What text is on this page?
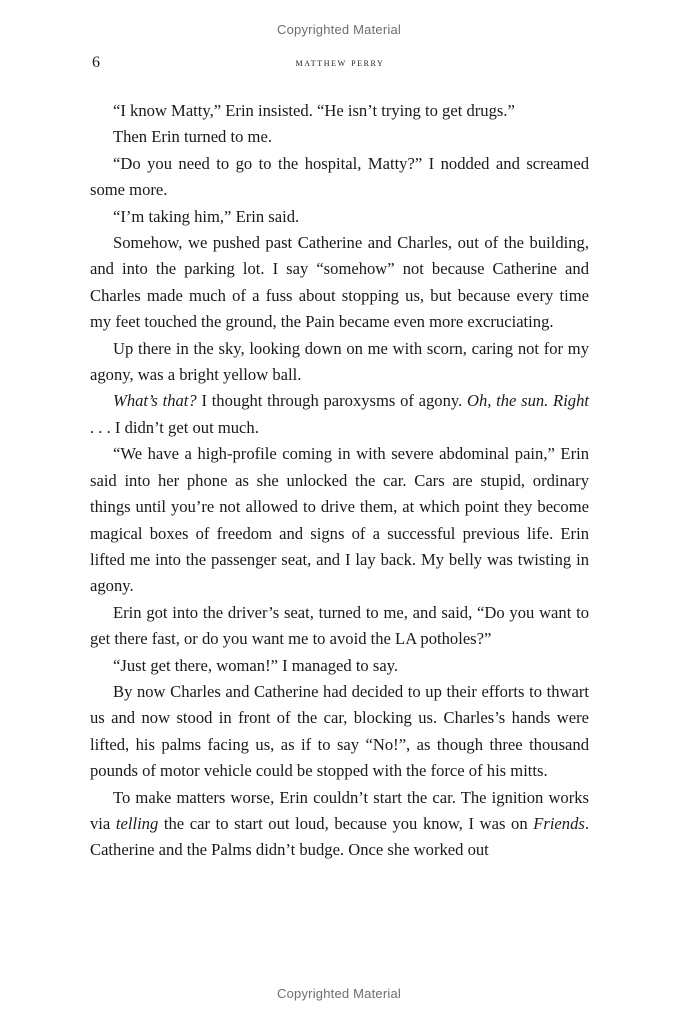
Copyrighted Material
6	matthew perry

“I know Matty,” Erin insisted. “He isn’t trying to get drugs.”

Then Erin turned to me.

“Do you need to go to the hospital, Matty?” I nodded and screamed some more.

“I’m taking him,” Erin said.

Somehow, we pushed past Catherine and Charles, out of the building, and into the parking lot. I say “somehow” not because Catherine and Charles made much of a fuss about stopping us, but because every time my feet touched the ground, the Pain became even more excruciating.

Up there in the sky, looking down on me with scorn, caring not for my agony, was a bright yellow ball.

What’s that? I thought through paroxysms of agony. Oh, the sun. Right . . . I didn’t get out much.

“We have a high-profile coming in with severe abdominal pain,” Erin said into her phone as she unlocked the car. Cars are stupid, ordinary things until you’re not allowed to drive them, at which point they become magical boxes of freedom and signs of a successful previous life. Erin lifted me into the passenger seat, and I lay back. My belly was twisting in agony.

Erin got into the driver’s seat, turned to me, and said, “Do you want to get there fast, or do you want me to avoid the LA potholes?”

“Just get there, woman!” I managed to say.

By now Charles and Catherine had decided to up their efforts to thwart us and now stood in front of the car, blocking us. Charles’s hands were lifted, his palms facing us, as if to say “No!”, as though three thousand pounds of motor vehicle could be stopped with the force of his mitts.

To make matters worse, Erin couldn’t start the car. The ignition works via telling the car to start out loud, because you know, I was on Friends. Catherine and the Palms didn’t budge. Once she worked out

Copyrighted Material
